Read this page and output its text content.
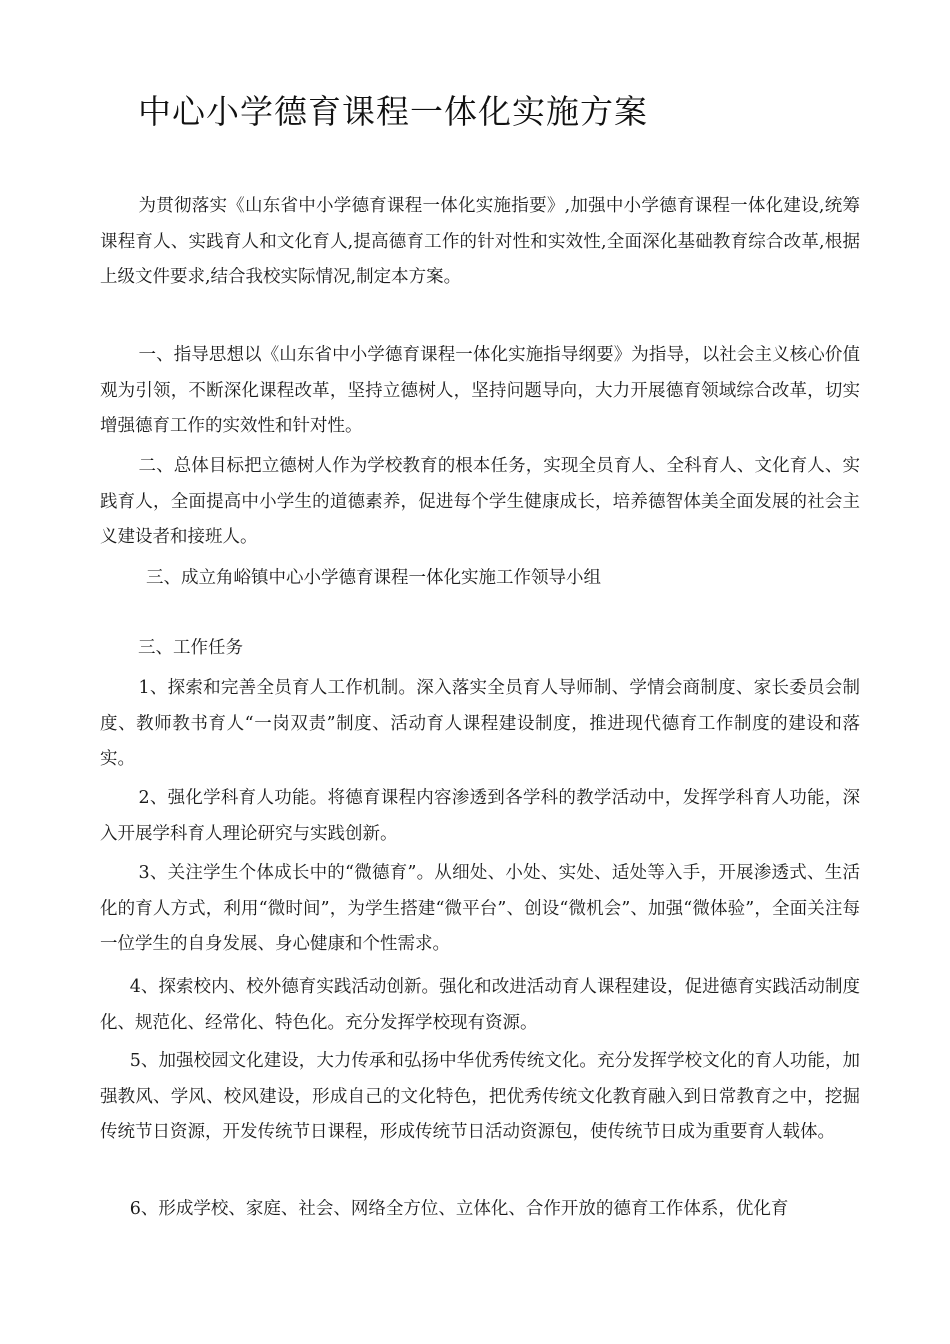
中心小学德育课程一体化实施方案
为贯彻落实《山东省中小学德育课程一体化实施指要》,加强中小学德育课程一体化建设,统筹课程育人、实践育人和文化育人,提高德育工作的针对性和实效性,全面深化基础教育综合改革,根据上级文件要求,结合我校实际情况,制定本方案。
一、指导思想以《山东省中小学德育课程一体化实施指导纲要》为指导，以社会主义核心价值观为引领，不断深化课程改革，坚持立德树人，坚持问题导向，大力开展德育领域综合改革，切实增强德育工作的实效性和针对性。
二、总体目标把立德树人作为学校教育的根本任务，实现全员育人、全科育人、文化育人、实践育人，全面提高中小学生的道德素养，促进每个学生健康成长，培养德智体美全面发展的社会主义建设者和接班人。
三、成立角峪镇中心小学德育课程一体化实施工作领导小组
三、工作任务
1、探索和完善全员育人工作机制。深入落实全员育人导师制、学情会商制度、家长委员会制度、教师教书育人“一岗双责”制度、活动育人课程建设制度，推进现代德育工作制度的建设和落实。
2、强化学科育人功能。将德育课程内容渗透到各学科的教学活动中，发挥学科育人功能，深入开展学科育人理论研究与实践创新。
3、关注学生个体成长中的“微德育”。从细处、小处、实处、适处等入手，开展渗透式、生活化的育人方式，利用“微时间”，为学生搭建“微平台”、创设“微机会”、加强“微体验”，全面关注每一位学生的自身发展、身心健康和个性需求。
4、探索校内、校外德育实践活动创新。强化和改进活动育人课程建设，促进德育实践活动制度化、规范化、经常化、特色化。充分发挥学校现有资源。
5、加强校园文化建设，大力传承和弘扬中华优秀传统文化。充分发挥学校文化的育人功能，加强教风、学风、校风建设，形成自己的文化特色，把优秀传统文化教育融入到日常教育之中，挖掘传统节日资源，开发传统节日课程，形成传统节日活动资源包，使传统节日成为重要育人载体。
6、形成学校、家庭、社会、网络全方位、立体化、合作开放的德育工作体系，优化育
